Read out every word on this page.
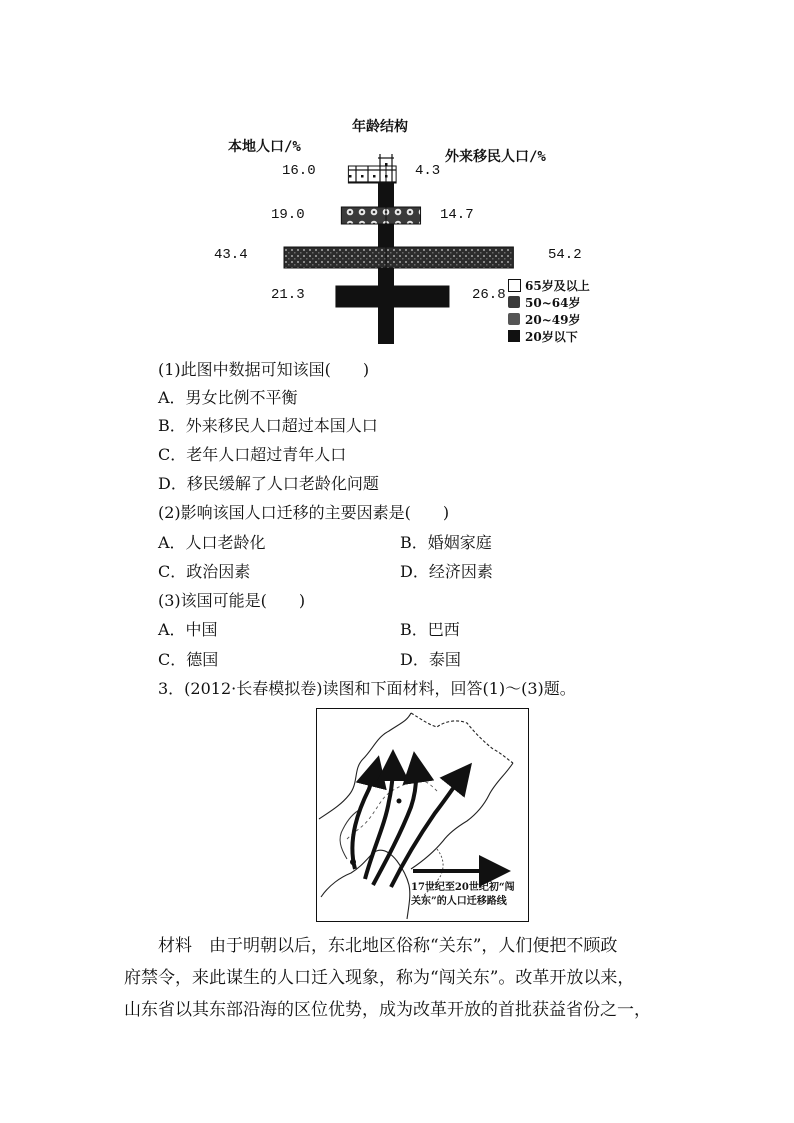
年龄结构
本地人口/%
外来移民人口/%
16.0
19.0
43.4
21.3
4.3
14.7
54.2
26.8
65岁及以上
50~64岁
20~49岁
20岁以下
(1)此图中数据可知该国(　　)
A．男女比例不平衡
B．外来移民人口超过本国人口
C．老年人口超过青年人口
D．移民缓解了人口老龄化问题
(2)影响该国人口迁移的主要因素是(　　)
A．人口老龄化	B．婚姻家庭
C．政治因素	D．经济因素
(3)该国可能是(　　)
A．中国	B．巴西
C．德国	D．泰国
3．(2012·长春模拟卷)读图和下面材料，回答(1)～(3)题。
17世纪至20世纪初“闯关东”的人口迁移路线
材料　由于明朝以后，东北地区俗称“关东”，人们便把不顾政
府禁令，来此谋生的人口迁入现象，称为“闯关东”。改革开放以来，
山东省以其东部沿海的区位优势，成为改革开放的首批获益省份之一，
